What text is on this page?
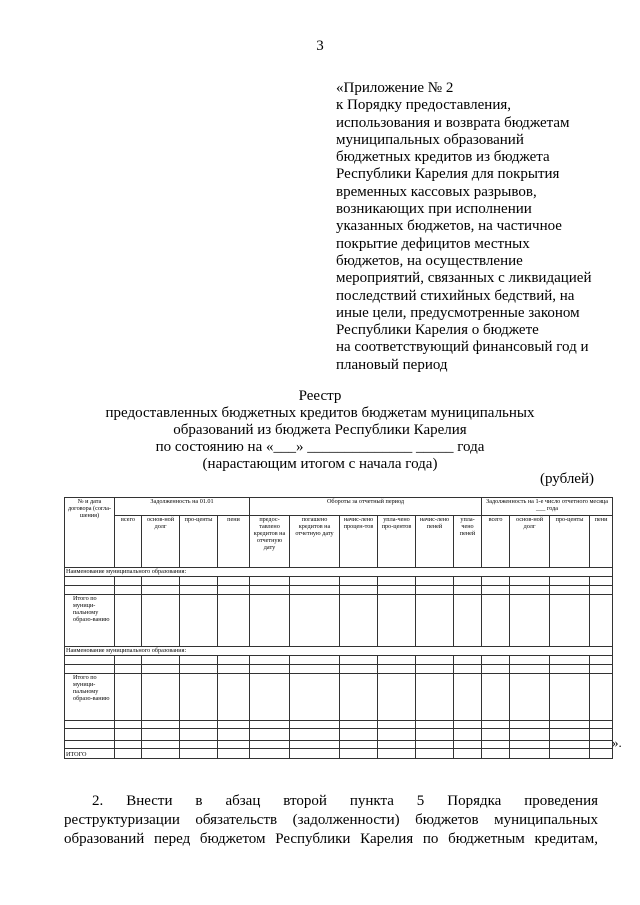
3
«Приложение № 2
к Порядку предоставления,
использования и возврата бюджетам
муниципальных образований
бюджетных кредитов из бюджета
Республики Карелия для покрытия
временных кассовых разрывов,
возникающих при исполнении
указанных бюджетов, на частичное
покрытие дефицитов местных
бюджетов, на осуществление
мероприятий, связанных с ликвидацией
последствий стихийных бедствий, на
иные цели, предусмотренные законом
Республики Карелия о бюджете
на соответствующий финансовый год и
плановый период
Реестр
предоставленных бюджетных кредитов бюджетам муниципальных
образований из бюджета Республики Карелия
по состоянию на «___» ______________ _____ года
(нарастающим итогом с начала года)
(рублей)
№ и дата договора (согла-шения)	Задолженность на 01.01				Обороты за отчетный период						Задолженность на 1-е число отчетного месяца ___ года			
	всего	основ-ной долг	про-центы	пени	предос-тавлено кредитов на отчетную дату	погашено кредитов на отчетную дату	начис-лено процен-тов	упла-чено про-центов	начис-лено пеней	упла-чено пеней	всего	основ-ной долг	про-центы	пени
Наименование муниципального образования:														

Итого по муници-пальному образо-ванию														
Наименование муниципального образования:														

Итого по муници-пальному образо-ванию														

ИТОГО														
».
2.   Внести   в   абзац   второй   пункта   5   Порядка   проведения
реструктуризации обязательств (задолженности) бюджетов муниципальных
образований перед бюджетом Республики Карелия по бюджетным кредитам,
